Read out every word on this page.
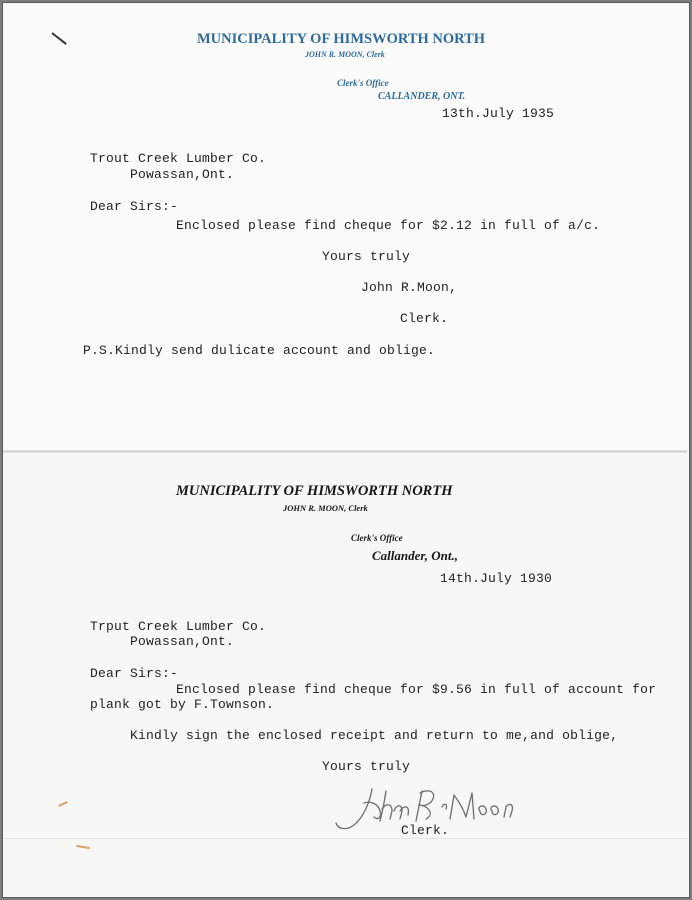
MUNICIPALITY OF HIMSWORTH NORTH
JOHN R. MOON, Clerk
Clerk's Office
CALLANDER, ONT.
13th.July 1935
Trout Creek Lumber Co.
Powassan,Ont.
Dear Sirs:-
Enclosed please find cheque for $2.12 in full of a/c.
Yours truly
John R.Moon,
Clerk.
P.S.Kindly send dulicate account and oblige.
MUNICIPALITY OF HIMSWORTH NORTH
JOHN R. MOON, Clerk
Clerk's Office
Callander, Ont.,
14th.July 1930
Trput Creek Lumber Co.
Powassan,Ont.
Dear Sirs:-
Enclosed please find cheque for $9.56 in full of account for
plank got by F.Townson.
Kindly sign the enclosed receipt and return to me,and oblige,
Yours truly
Clerk.
